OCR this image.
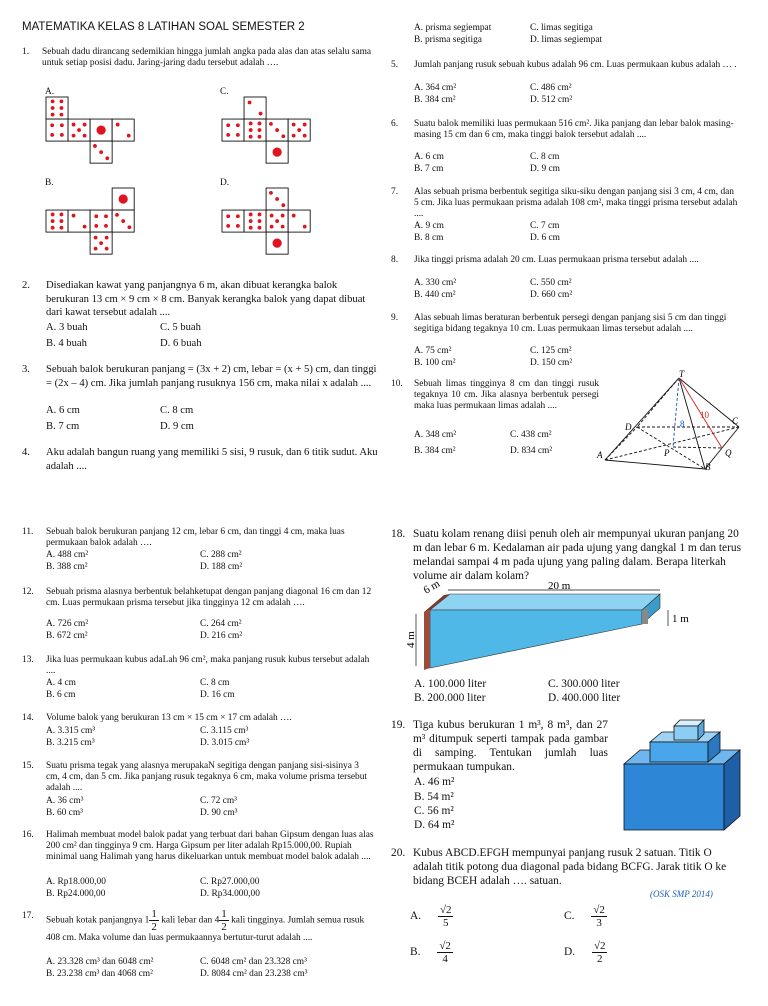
MATEMATIKA KELAS 8 LATIHAN SOAL SEMESTER 2
1. Sebuah dadu dirancang sedemikian hingga jumlah angka pada alas dan atas selalu sama untuk setiap posisi dadu. Jaring-jaring dadu tersebut adalah ….
A.
B.
C.
D.
2. Disediakan kawat yang panjangnya 6 m, akan dibuat kerangka balok berukuran 13 cm × 9 cm × 8 cm. Banyak kerangka balok yang dapat dibuat dari kawat tersebut adalah ....
A. 3 buah	C. 5 buah
B. 4 buah	D. 6 buah
3. Sebuah balok berukuran panjang = (3x + 2) cm, lebar = (x + 5) cm, dan tinggi = (2x – 4) cm. Jika jumlah panjang rusuknya 156 cm, maka nilai x adalah ....
A. 6 cm	C. 8 cm
B. 7 cm	D. 9 cm
4. Aku adalah bangun ruang yang memiliki 5 sisi, 9 rusuk, dan 6 titik sudut. Aku adalah ....
A. prisma segiempat	C. limas segitiga
B. prisma segitiga	D. limas segiempat
5. Jumlah panjang rusuk sebuah kubus adalah 96 cm. Luas permukaan kubus adalah … .
A. 364 cm²	C. 486 cm²
B. 384 cm²	D. 512 cm²
6. Suatu balok memiliki luas permukaan 516 cm². Jika panjang dan lebar balok masing-masing 15 cm dan 6 cm, maka tinggi balok tersebut adalah ....
A. 6 cm	C. 8 cm
B. 7 cm	D. 9 cm
7. Alas sebuah prisma berbentuk segitiga siku-siku dengan panjang sisi 3 cm, 4 cm, dan 5 cm. Jika luas permukaan prisma adalah 108 cm², maka tinggi prisma tersebut adalah ....
A. 9 cm	C. 7 cm
B. 8 cm	D. 6 cm
8. Jika tinggi prisma adalah 20 cm. Luas permukaan prisma tersebut adalah ....
A. 330 cm²	C. 550 cm²
B. 440 cm²	D. 660 cm²
9. Alas sebuah limas beraturan berbentuk persegi dengan panjang sisi 5 cm dan tinggi segitiga bidang tegaknya 10 cm. Luas permukaan limas tersebut adalah ....
A. 75 cm²	C. 125 cm²
B. 100 cm²	D. 150 cm²
10. Sebuah limas tingginya 8 cm dan tinggi rusuk tegaknya 10 cm. Jika alasnya berbentuk persegi maka luas permukaan limas adalah ....
A. 348 cm²	C. 438 cm²
B. 384 cm²	D. 834 cm²
T
D
C
A
B
P	Q
8
10
11. Sebuah balok berukuran panjang 12 cm, lebar 6 cm, dan tinggi 4 cm, maka luas permukaan balok adalah ….
A. 488 cm²	C. 288 cm²
B. 388 cm²	D. 188 cm²
12. Sebuah prisma alasnya berbentuk belahketupat dengan panjang diagonal 16 cm dan 12 cm. Luas permukaan prisma tersebut jika tingginya 12 cm adalah ….
A. 726 cm²	C. 264 cm²
B. 672 cm²	D. 216 cm²
13. Jika luas permukaan kubus adaLah 96 cm², maka panjang rusuk kubus tersebut adalah ....
A. 4 cm	C. 8 cm
B. 6 cm	D. 16 cm
14. Volume balok yang berukuran 13 cm × 15 cm × 17 cm adalah ….
A. 3.315 cm³	C. 3.115 cm³
B. 3.215 cm³	D. 3.015 cm³
15. Suatu prisma tegak yang alasnya merupakaN segitiga dengan panjang sisi-sisinya 3 cm, 4 cm, dan 5 cm. Jika panjang rusuk tegaknya 6 cm, maka volume prisma tersebut adalah ....
A. 36 cm³	C. 72 cm³
B. 60 cm³	D. 90 cm³
16. Halimah membuat model balok padat yang terbuat dari bahan Gipsum dengan luas alas 200 cm² dan tingginya 9 cm. Harga Gipsum per liter adalah Rp15.000,00. Rupiah minimal uang Halimah yang harus dikeluarkan untuk membuat model balok adalah ....
A. Rp18.000,00	C. Rp27.000,00
B. Rp24.000,00	D. Rp34.000,00
17. Sebuah kotak panjangnya $1 \frac{1}{2}$ kali lebar dan $4 \frac{1}{2}$ kali tingginya. Jumlah semua rusuk 408 cm. Maka volume dan luas permukaannya bertutur-turut adalah ....
A. 23.328 cm³ dan 6048 cm²	C. 6048 cm² dan 23.328 cm³
B. 23.238 cm³ dan 4068 cm²	D. 8084 cm² dan 23.238 cm³
18. Suatu kolam renang diisi penuh oleh air mempunyai ukuran panjang 20 m dan lebar 6 m. Kedalaman air pada ujung yang dangkal 1 m dan terus melandai sampai 4 m pada ujung yang paling dalam. Berapa literkah volume air dalam kolam?
20 m
6 m
1 m
4 m
A. 100.000 liter	C. 300.000 liter
B. 200.000 liter	D. 400.000 liter
19. Tiga kubus berukuran 1 m³, 8 m³, dan 27 m³ ditumpuk seperti tampak pada gambar di samping. Tentukan jumlah luas permukaan tumpukan.
A. 46 m²
B. 54 m²
C. 56 m²
D. 64 m²
20. Kubus ABCD.EFGH mempunyai panjang rusuk 2 satuan. Titik O adalah titik potong dua diagonal pada bidang BCFG. Jarak titik O ke bidang BCEH adalah …. satuan.
(OSK SMP 2014)
A. $\frac{√2}{5}$	C. $\frac{√2}{3}$
B. $\frac{√2}{4}$	D. $\frac{√2}{2}$
